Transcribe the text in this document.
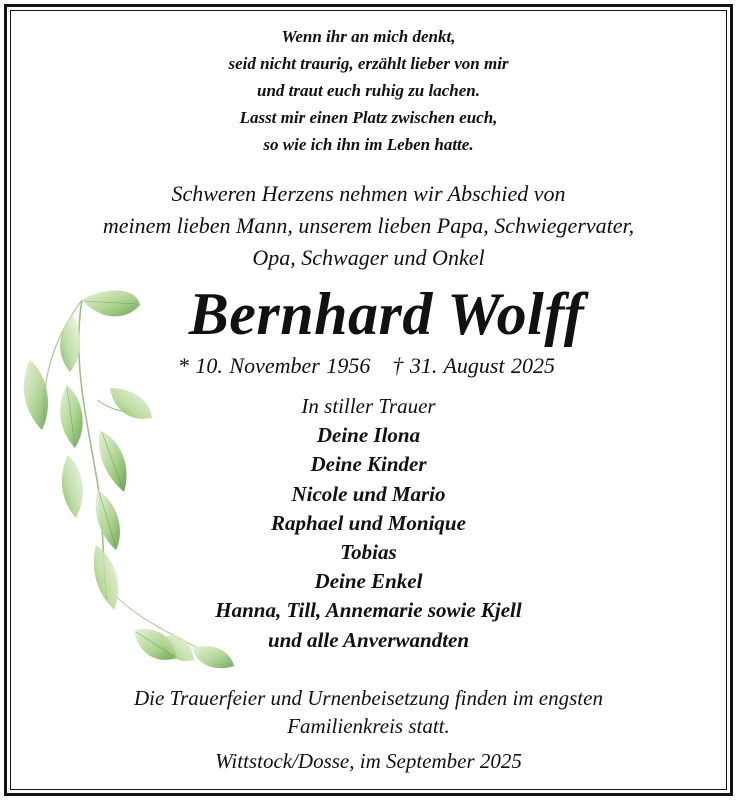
Wenn ihr an mich denkt,
seid nicht traurig, erzählt lieber von mir
und traut euch ruhig zu lachen.
Lasst mir einen Platz zwischen euch,
so wie ich ihn im Leben hatte.
Schweren Herzens nehmen wir Abschied von
meinem lieben Mann, unserem lieben Papa, Schwiegervater,
Opa, Schwager und Onkel
Bernhard Wolff
* 10. November 1956 † 31. August 2025
In stiller Trauer
Deine Ilona
Deine Kinder
Nicole und Mario
Raphael und Monique
Tobias
Deine Enkel
Hanna, Till, Annemarie sowie Kjell
und alle Anverwandten
Die Trauerfeier und Urnenbeisetzung finden im engsten
Familienkreis statt.
Wittstock/Dosse, im September 2025
